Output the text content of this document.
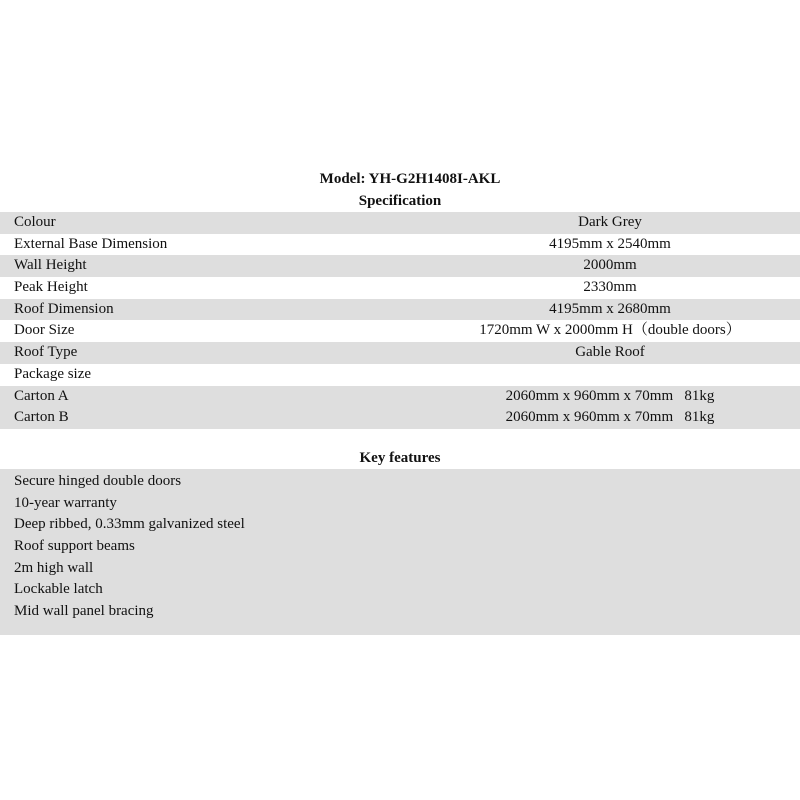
Model: YH-G2H1408I-AKL
Specification
Colour	Dark Grey
External Base Dimension	4195mm x 2540mm
Wall Height	2000mm
Peak Height	2330mm
Roof Dimension	4195mm x 2680mm
Door Size	1720mm W x 2000mm H（double doors）
Roof Type	Gable Roof
Package size
Carton A	2060mm x 960mm x 70mm   81kg
Carton B	2060mm x 960mm x 70mm   81kg
Key features
Secure hinged double doors
10-year warranty
Deep ribbed, 0.33mm galvanized steel
Roof support beams
2m high wall
Lockable latch
Mid wall panel bracing
